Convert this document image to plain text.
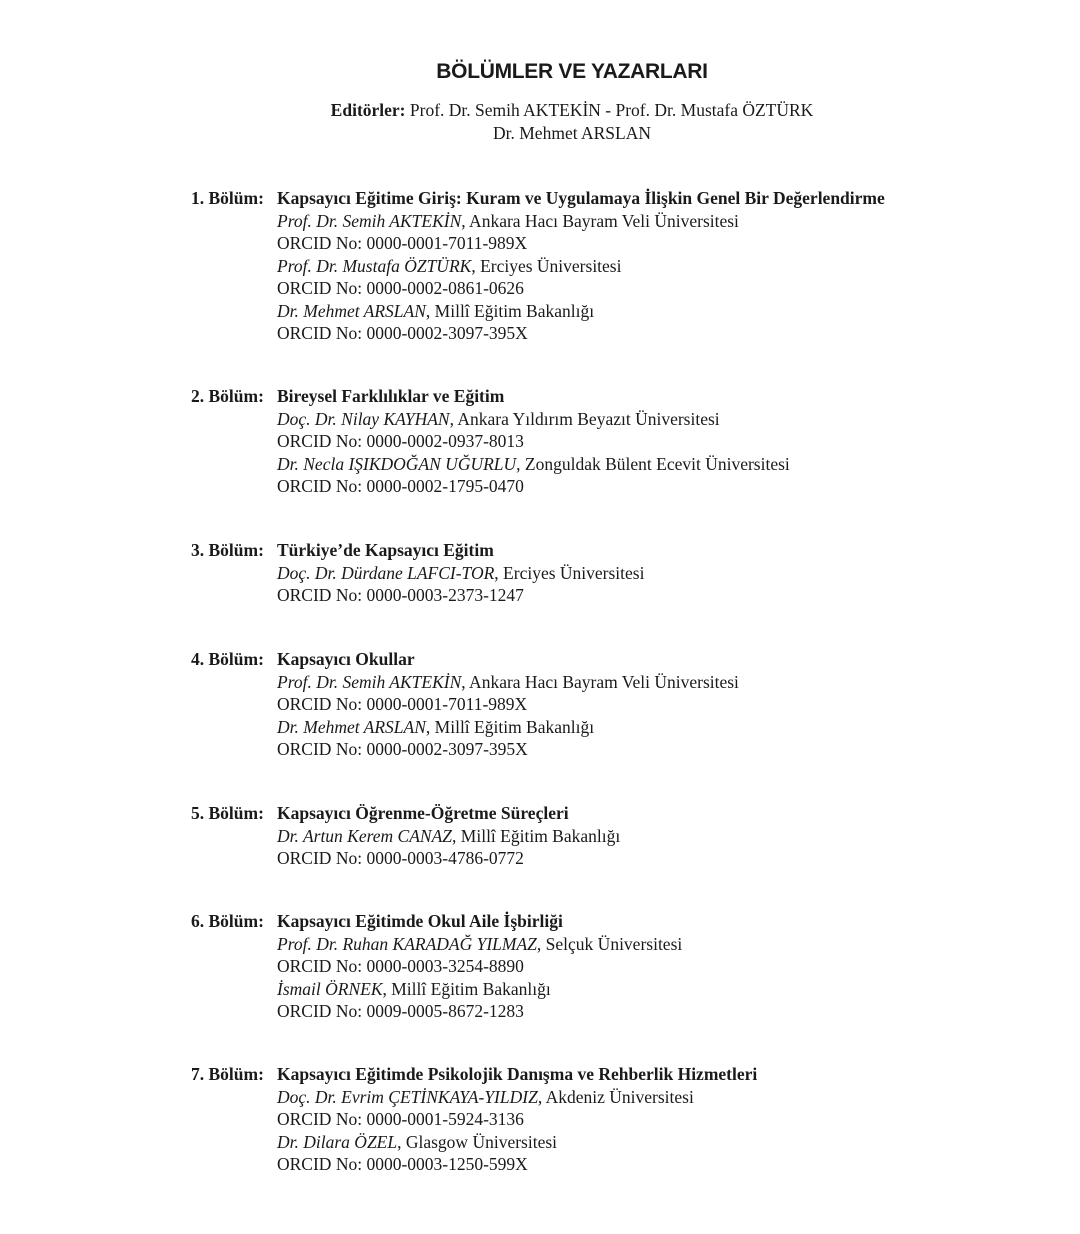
BÖLÜMLER VE YAZARLARI
Editörler: Prof. Dr. Semih AKTEKİN - Prof. Dr. Mustafa ÖZTÜRK
Dr. Mehmet ARSLAN
1. Bölüm: Kapsayıcı Eğitime Giriş: Kuram ve Uygulamaya İlişkin Genel Bir Değerlendirme
Prof. Dr. Semih AKTEKİN, Ankara Hacı Bayram Veli Üniversitesi
ORCID No: 0000-0001-7011-989X
Prof. Dr. Mustafa ÖZTÜRK, Erciyes Üniversitesi
ORCID No: 0000-0002-0861-0626
Dr. Mehmet ARSLAN, Millî Eğitim Bakanlığı
ORCID No: 0000-0002-3097-395X
2. Bölüm: Bireysel Farklılıklar ve Eğitim
Doç. Dr. Nilay KAYHAN, Ankara Yıldırım Beyazıt Üniversitesi
ORCID No: 0000-0002-0937-8013
Dr. Necla IŞIKDOĞAN UĞURLU, Zonguldak Bülent Ecevit Üniversitesi
ORCID No: 0000-0002-1795-0470
3. Bölüm: Türkiye’de Kapsayıcı Eğitim
Doç. Dr. Dürdane LAFCI-TOR, Erciyes Üniversitesi
ORCID No: 0000-0003-2373-1247
4. Bölüm: Kapsayıcı Okullar
Prof. Dr. Semih AKTEKİN, Ankara Hacı Bayram Veli Üniversitesi
ORCID No: 0000-0001-7011-989X
Dr. Mehmet ARSLAN, Millî Eğitim Bakanlığı
ORCID No: 0000-0002-3097-395X
5. Bölüm: Kapsayıcı Öğrenme-Öğretme Süreçleri
Dr. Artun Kerem CANAZ, Millî Eğitim Bakanlığı
ORCID No: 0000-0003-4786-0772
6. Bölüm: Kapsayıcı Eğitimde Okul Aile İşbirliği
Prof. Dr. Ruhan KARADAĞ YILMAZ, Selçuk Üniversitesi
ORCID No: 0000-0003-3254-8890
İsmail ÖRNEK, Millî Eğitim Bakanlığı
ORCID No: 0009-0005-8672-1283
7. Bölüm: Kapsayıcı Eğitimde Psikolojik Danışma ve Rehberlik Hizmetleri
Doç. Dr. Evrim ÇETİNKAYA-YILDIZ, Akdeniz Üniversitesi
ORCID No: 0000-0001-5924-3136
Dr. Dilara ÖZEL, Glasgow Üniversitesi
ORCID No: 0000-0003-1250-599X
